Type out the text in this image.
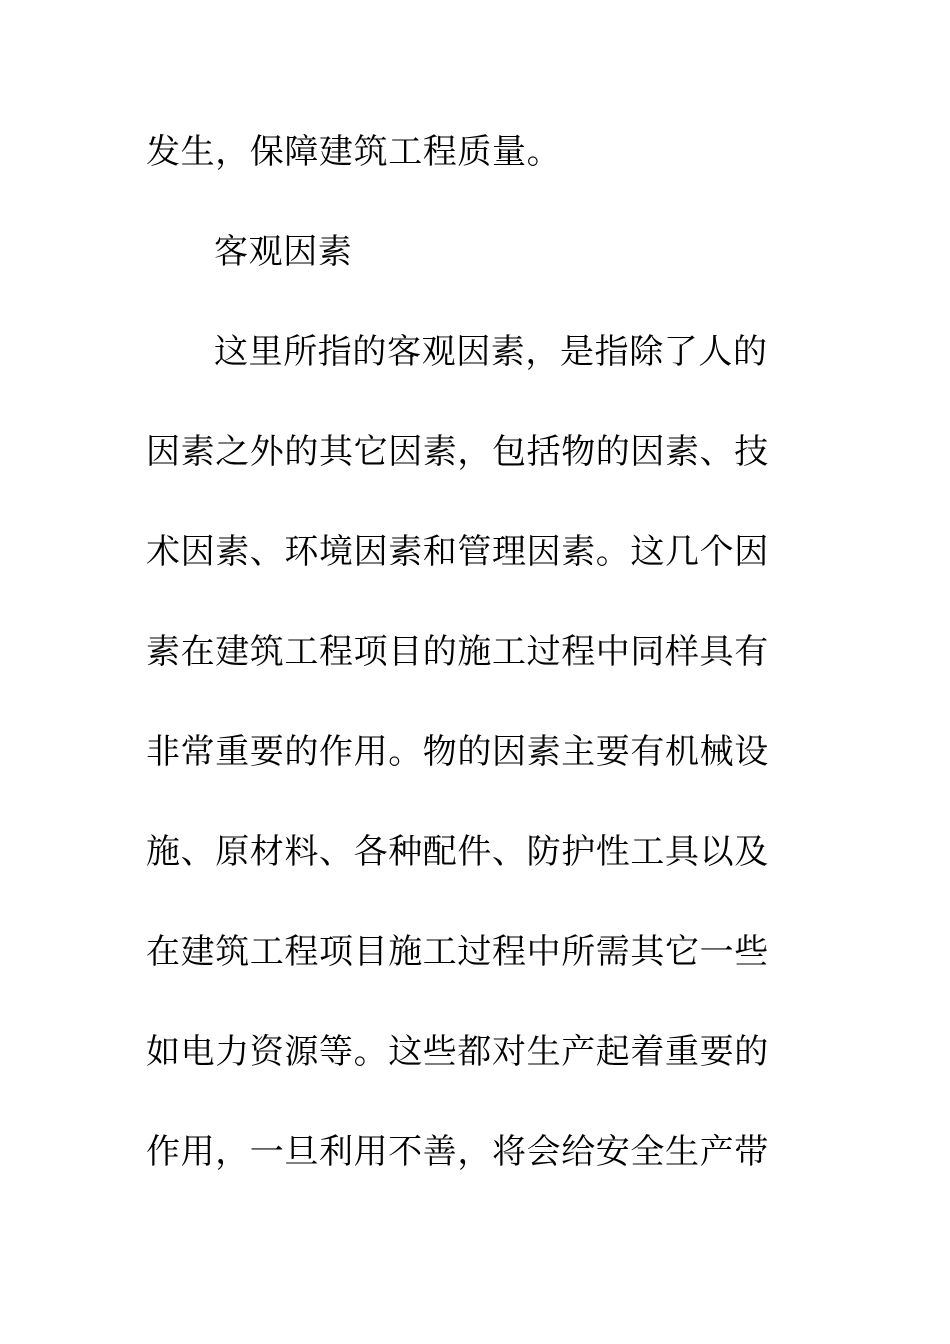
发生，保障建筑工程质量。
客观因素
这里所指的客观因素，是指除了人的
因素之外的其它因素，包括物的因素、技
术因素、环境因素和管理因素。这几个因
素在建筑工程项目的施工过程中同样具有
非常重要的作用。物的因素主要有机械设
施、原材料、各种配件、防护性工具以及
在建筑工程项目施工过程中所需其它一些
如电力资源等。这些都对生产起着重要的
作用，一旦利用不善，将会给安全生产带
